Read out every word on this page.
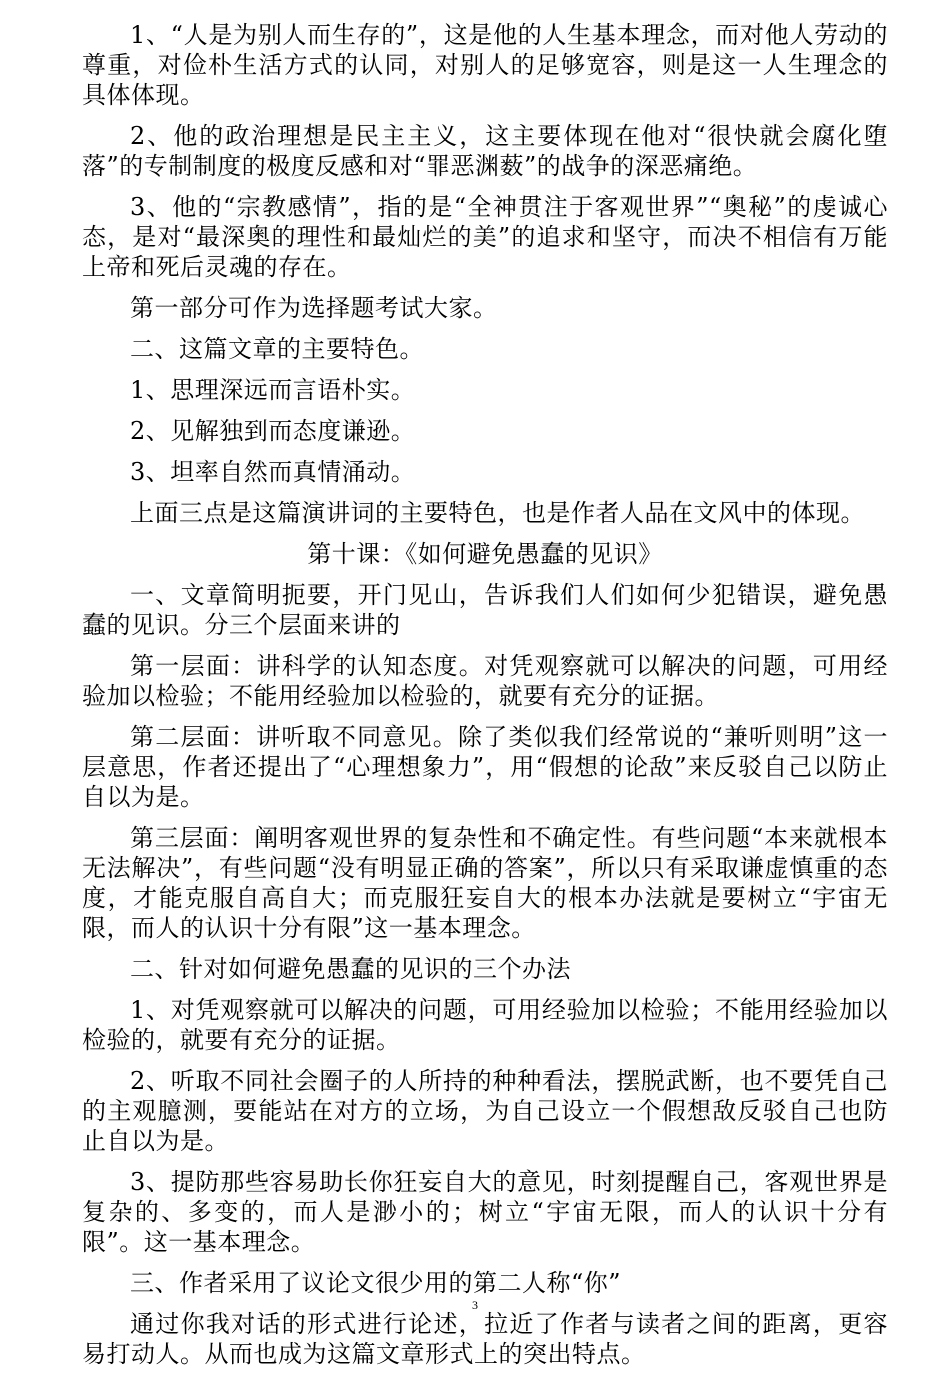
1、“人是为别人而生存的”，这是他的人生基本理念，而对他人劳动的尊重，对俭朴生活方式的认同，对别人的足够宽容，则是这一人生理念的具体体现。

2、他的政治理想是民主主义，这主要体现在他对“很快就会腐化堕落”的专制制度的极度反感和对“罪恶渊薮”的战争的深恶痛绝。

3、他的“宗教感情”，指的是“全神贯注于客观世界”“奥秘”的虔诚心态，是对“最深奥的理性和最灿烂的美”的追求和坚守，而决不相信有万能上帝和死后灵魂的存在。

第一部分可作为选择题考试大家。

二、这篇文章的主要特色。

1、思理深远而言语朴实。

2、见解独到而态度谦逊。

3、坦率自然而真情涌动。

上面三点是这篇演讲词的主要特色，也是作者人品在文风中的体现。

第十课：《如何避免愚蠢的见识》

一、文章简明扼要，开门见山，告诉我们人们如何少犯错误，避免愚蠢的见识。分三个层面来讲的

第一层面：讲科学的认知态度。对凭观察就可以解决的问题，可用经验加以检验；不能用经验加以检验的，就要有充分的证据。

第二层面：讲听取不同意见。除了类似我们经常说的“兼听则明”这一层意思，作者还提出了“心理想象力”，用“假想的论敌”来反驳自己以防止自以为是。

第三层面：阐明客观世界的复杂性和不确定性。有些问题“本来就根本无法解决”，有些问题“没有明显正确的答案”，所以只有采取谦虚慎重的态度，才能克服自高自大；而克服狂妄自大的根本办法就是要树立“宇宙无限，而人的认识十分有限”这一基本理念。

二、针对如何避免愚蠢的见识的三个办法

1、对凭观察就可以解决的问题，可用经验加以检验；不能用经验加以检验的，就要有充分的证据。

2、听取不同社会圈子的人所持的种种看法，摆脱武断，也不要凭自己的主观臆测，要能站在对方的立场，为自己设立一个假想敌反驳自己也防止自以为是。

3、提防那些容易助长你狂妄自大的意见，时刻提醒自己，客观世界是复杂的、多变的，而人是渺小的；树立“宇宙无限，而人的认识十分有限”。这一基本理念。

三、作者采用了议论文很少用的第二人称“你”

通过你我对话的形式进行论述，拉近了作者与读者之间的距离，更容易打动人。从而也成为这篇文章形式上的突出特点。

3
